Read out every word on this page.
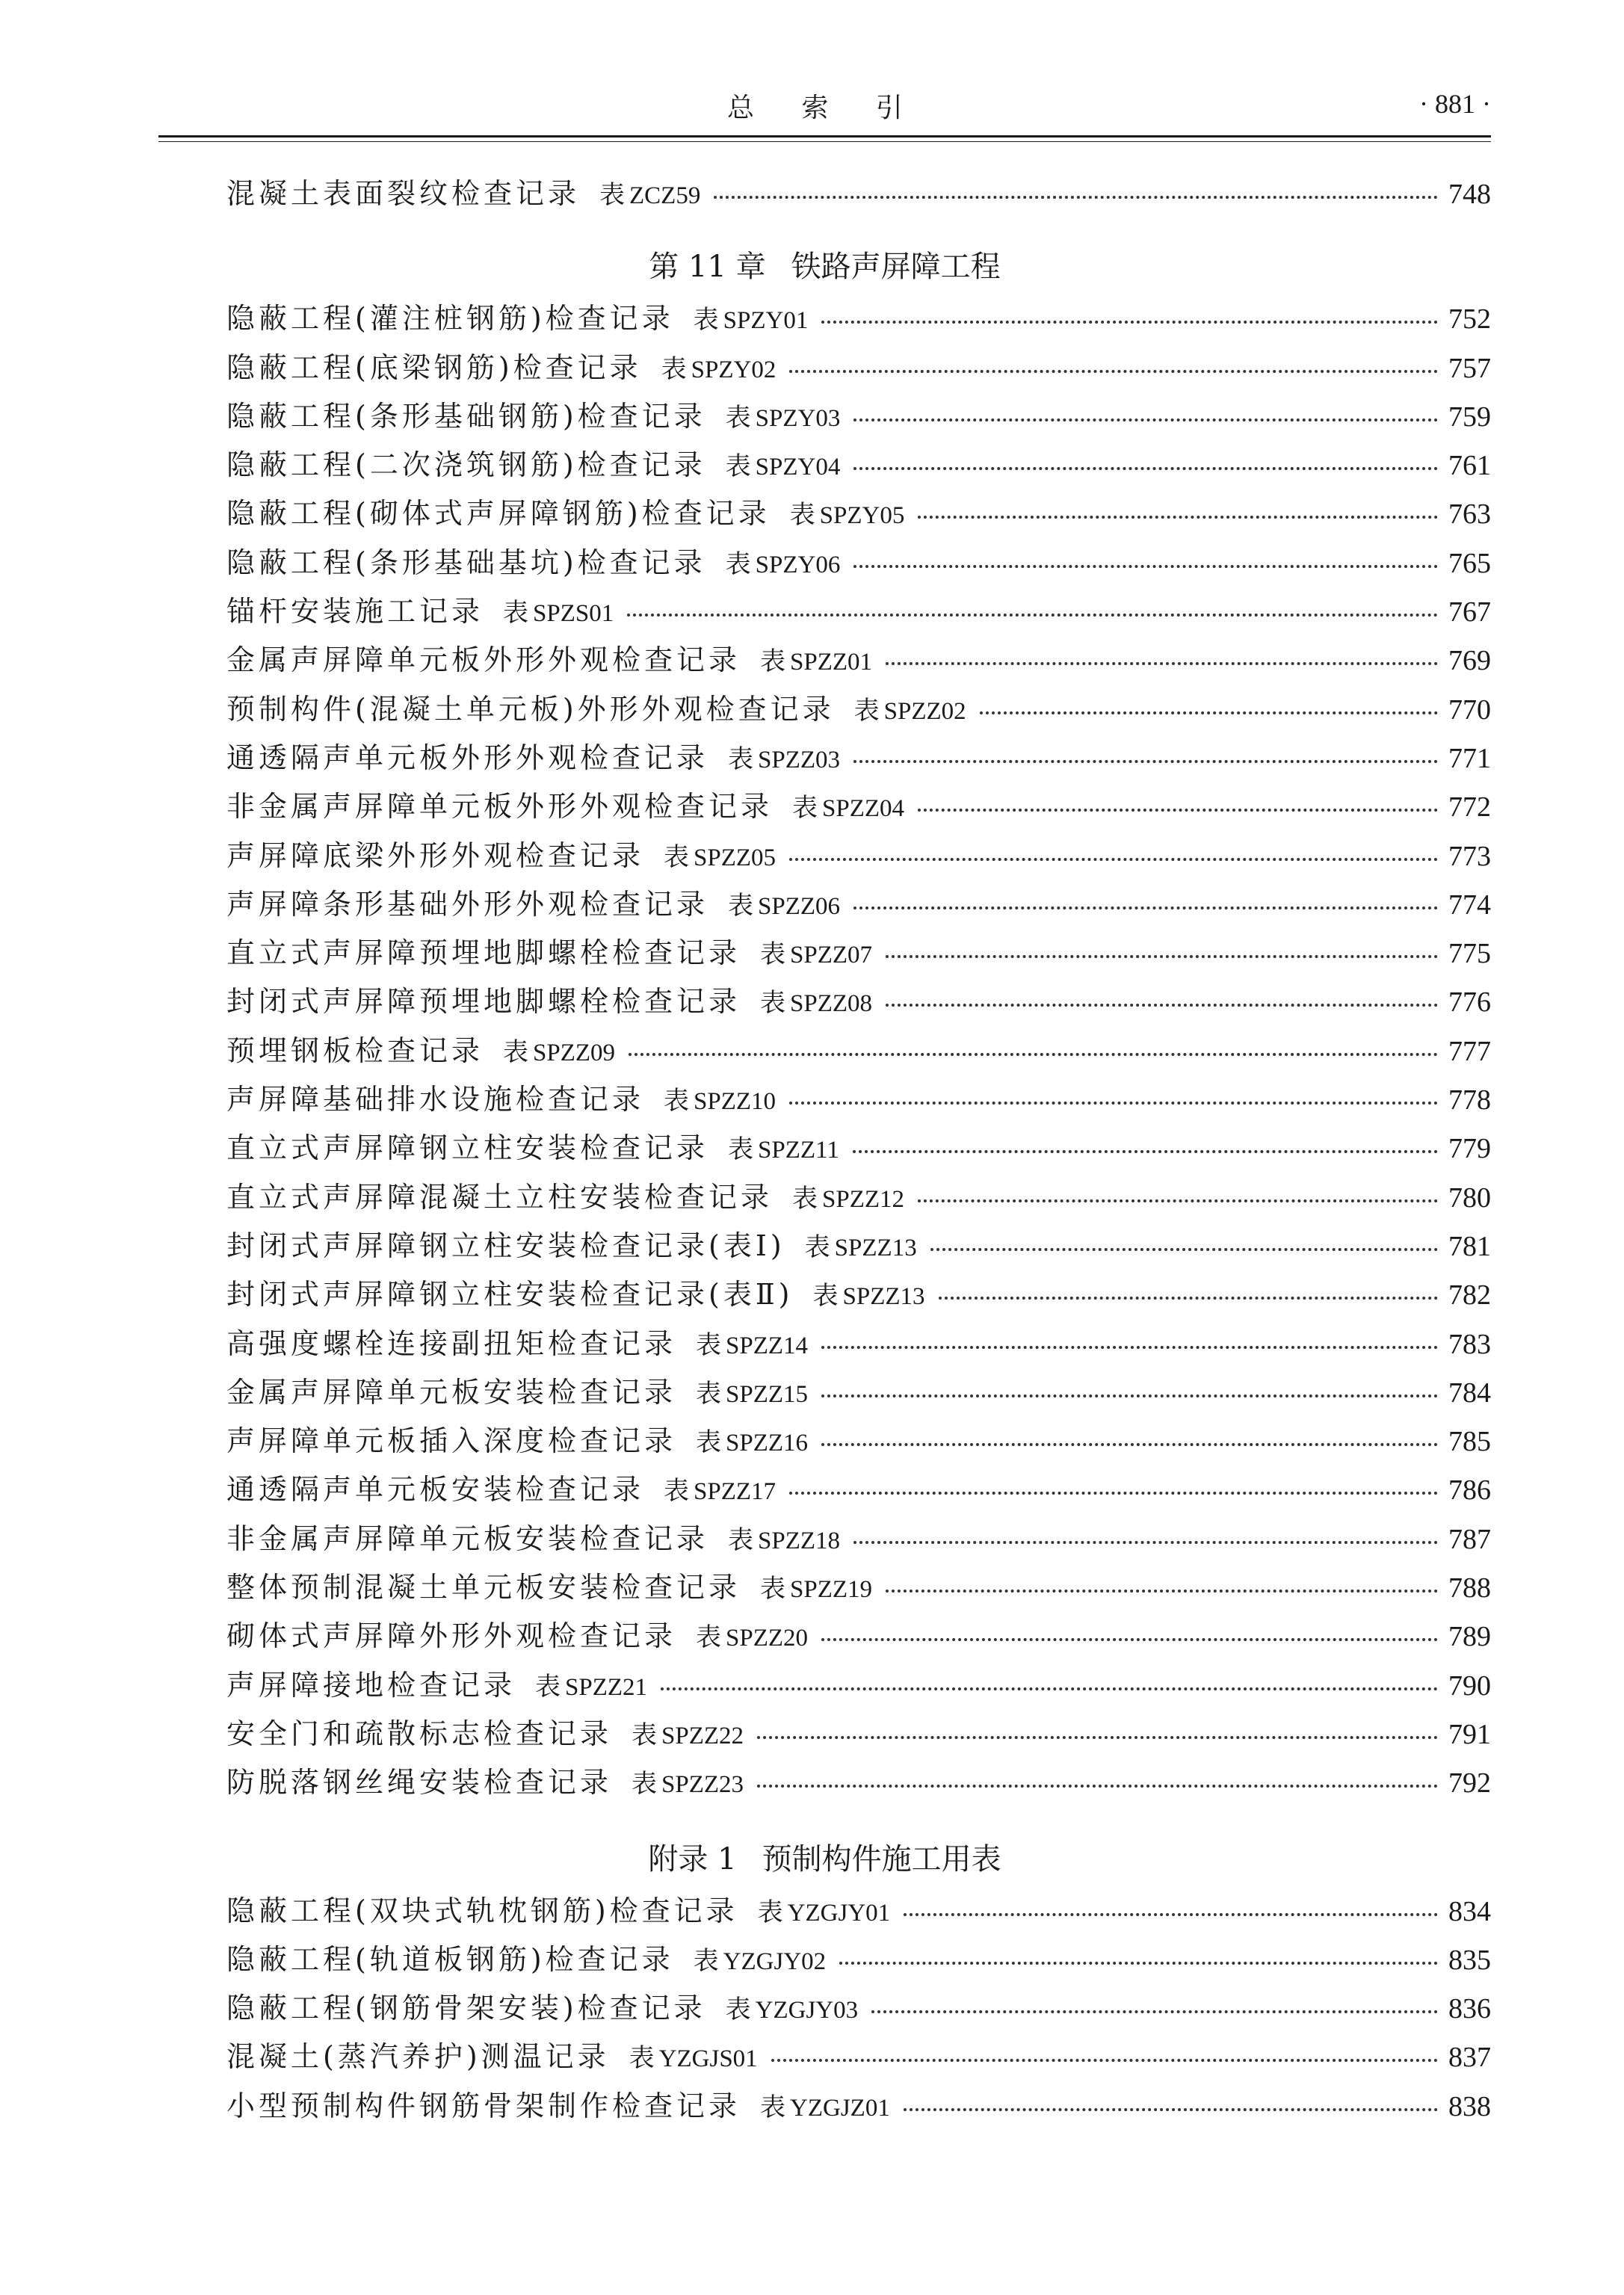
总 索 引	· 881 ·
混凝土表面裂纹检查记录 表 ZCZ59	748
第 11 章 铁路声屏障工程
隐蔽工程(灌注桩钢筋)检查记录 表 SPZY01	752
隐蔽工程(底梁钢筋)检查记录 表 SPZY02	757
隐蔽工程(条形基础钢筋)检查记录 表 SPZY03	759
隐蔽工程(二次浇筑钢筋)检查记录 表 SPZY04	761
隐蔽工程(砌体式声屏障钢筋)检查记录 表 SPZY05	763
隐蔽工程(条形基础基坑)检查记录 表 SPZY06	765
锚杆安装施工记录 表 SPZS01	767
金属声屏障单元板外形外观检查记录 表 SPZZ01	769
预制构件(混凝土单元板)外形外观检查记录 表 SPZZ02	770
通透隔声单元板外形外观检查记录 表 SPZZ03	771
非金属声屏障单元板外形外观检查记录 表 SPZZ04	772
声屏障底梁外形外观检查记录 表 SPZZ05	773
声屏障条形基础外形外观检查记录 表 SPZZ06	774
直立式声屏障预埋地脚螺栓检查记录 表 SPZZ07	775
封闭式声屏障预埋地脚螺栓检查记录 表 SPZZ08	776
预埋钢板检查记录 表 SPZZ09	777
声屏障基础排水设施检查记录 表 SPZZ10	778
直立式声屏障钢立柱安装检查记录 表 SPZZ11	779
直立式声屏障混凝土立柱安装检查记录 表 SPZZ12	780
封闭式声屏障钢立柱安装检查记录(表Ⅰ) 表 SPZZ13	781
封闭式声屏障钢立柱安装检查记录(表Ⅱ) 表 SPZZ13	782
高强度螺栓连接副扭矩检查记录 表 SPZZ14	783
金属声屏障单元板安装检查记录 表 SPZZ15	784
声屏障单元板插入深度检查记录 表 SPZZ16	785
通透隔声单元板安装检查记录 表 SPZZ17	786
非金属声屏障单元板安装检查记录 表 SPZZ18	787
整体预制混凝土单元板安装检查记录 表 SPZZ19	788
砌体式声屏障外形外观检查记录 表 SPZZ20	789
声屏障接地检查记录 表 SPZZ21	790
安全门和疏散标志检查记录 表 SPZZ22	791
防脱落钢丝绳安装检查记录 表 SPZZ23	792
附录 1 预制构件施工用表
隐蔽工程(双块式轨枕钢筋)检查记录 表 YZGJY01	834
隐蔽工程(轨道板钢筋)检查记录 表 YZGJY02	835
隐蔽工程(钢筋骨架安装)检查记录 表 YZGJY03	836
混凝土(蒸汽养护)测温记录 表 YZGJS01	837
小型预制构件钢筋骨架制作检查记录 表 YZGJZ01	838
